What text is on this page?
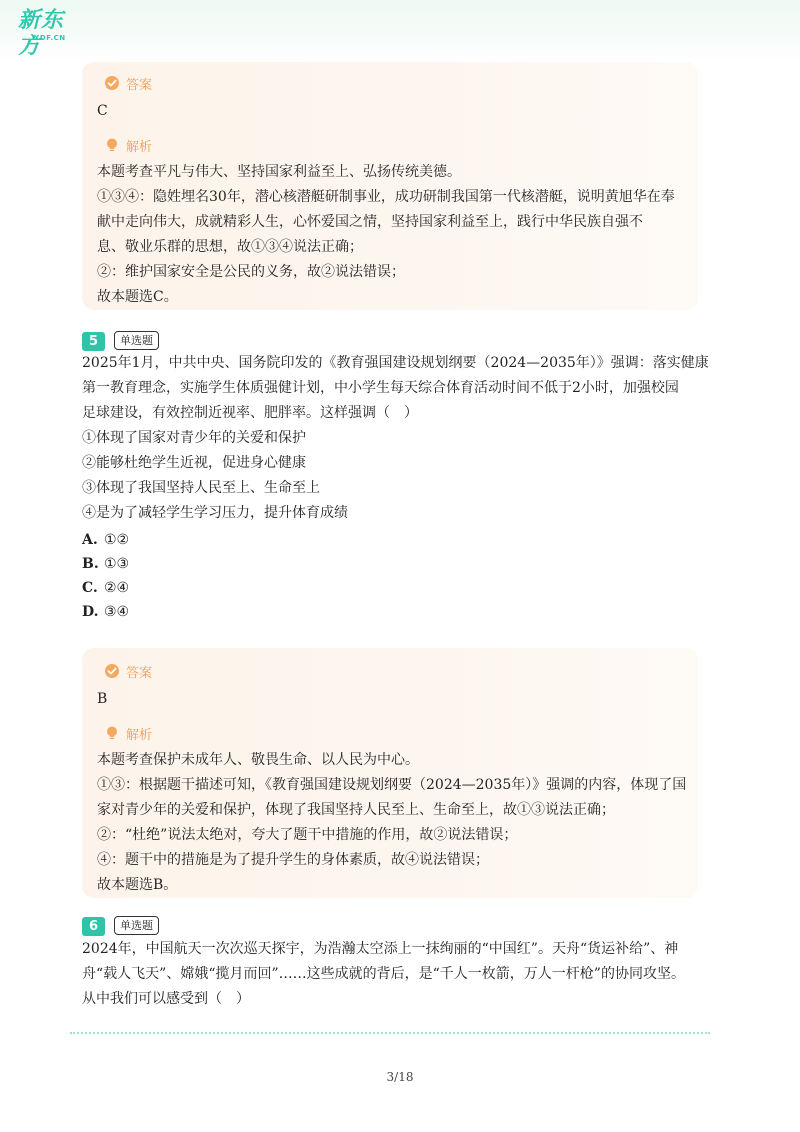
新东方
XDF.CN
答案
解析
C
本题考查平凡与伟大、坚持国家利益至上、弘扬传统美德。
①③④：隐姓埋名30年，潜心核潜艇研制事业，成功研制我国第一代核潜艇，说明黄旭华在奉
献中走向伟大，成就精彩人生，心怀爱国之情，坚持国家利益至上，践行中华民族自强不
息、敬业乐群的思想，故①③④说法正确；
②：维护国家安全是公民的义务，故②说法错误；
故本题选C。
5	单选题
2025年1月，中共中央、国务院印发的《教育强国建设规划纲要（2024—2035年）》强调：落实健康
第一教育理念，实施学生体质强健计划，中小学生每天综合体育活动时间不低于2小时，加强校园
足球建设，有效控制近视率、肥胖率。这样强调（　）
①体现了国家对青少年的关爱和保护
②能够杜绝学生近视，促进身心健康
③体现了我国坚持人民至上、生命至上
④是为了减轻学生学习压力，提升体育成绩
A. ①②
B. ①③
C. ②④
D. ③④
答案
解析
B
本题考查保护未成年人、敬畏生命、以人民为中心。
①③：根据题干描述可知，《教育强国建设规划纲要（2024—2035年）》强调的内容，体现了国
家对青少年的关爱和保护，体现了我国坚持人民至上、生命至上，故①③说法正确；
②：“杜绝”说法太绝对，夸大了题干中措施的作用，故②说法错误；
④：题干中的措施是为了提升学生的身体素质，故④说法错误；
故本题选B。
6	单选题
2024年，中国航天一次次巡天探宇，为浩瀚太空添上一抹绚丽的“中国红”。天舟“货运补给”、神
舟“载人飞天”、嫦娥“揽月而回”……这些成就的背后，是“千人一枚箭，万人一杆枪”的协同攻坚。
从中我们可以感受到（　）
3/18
